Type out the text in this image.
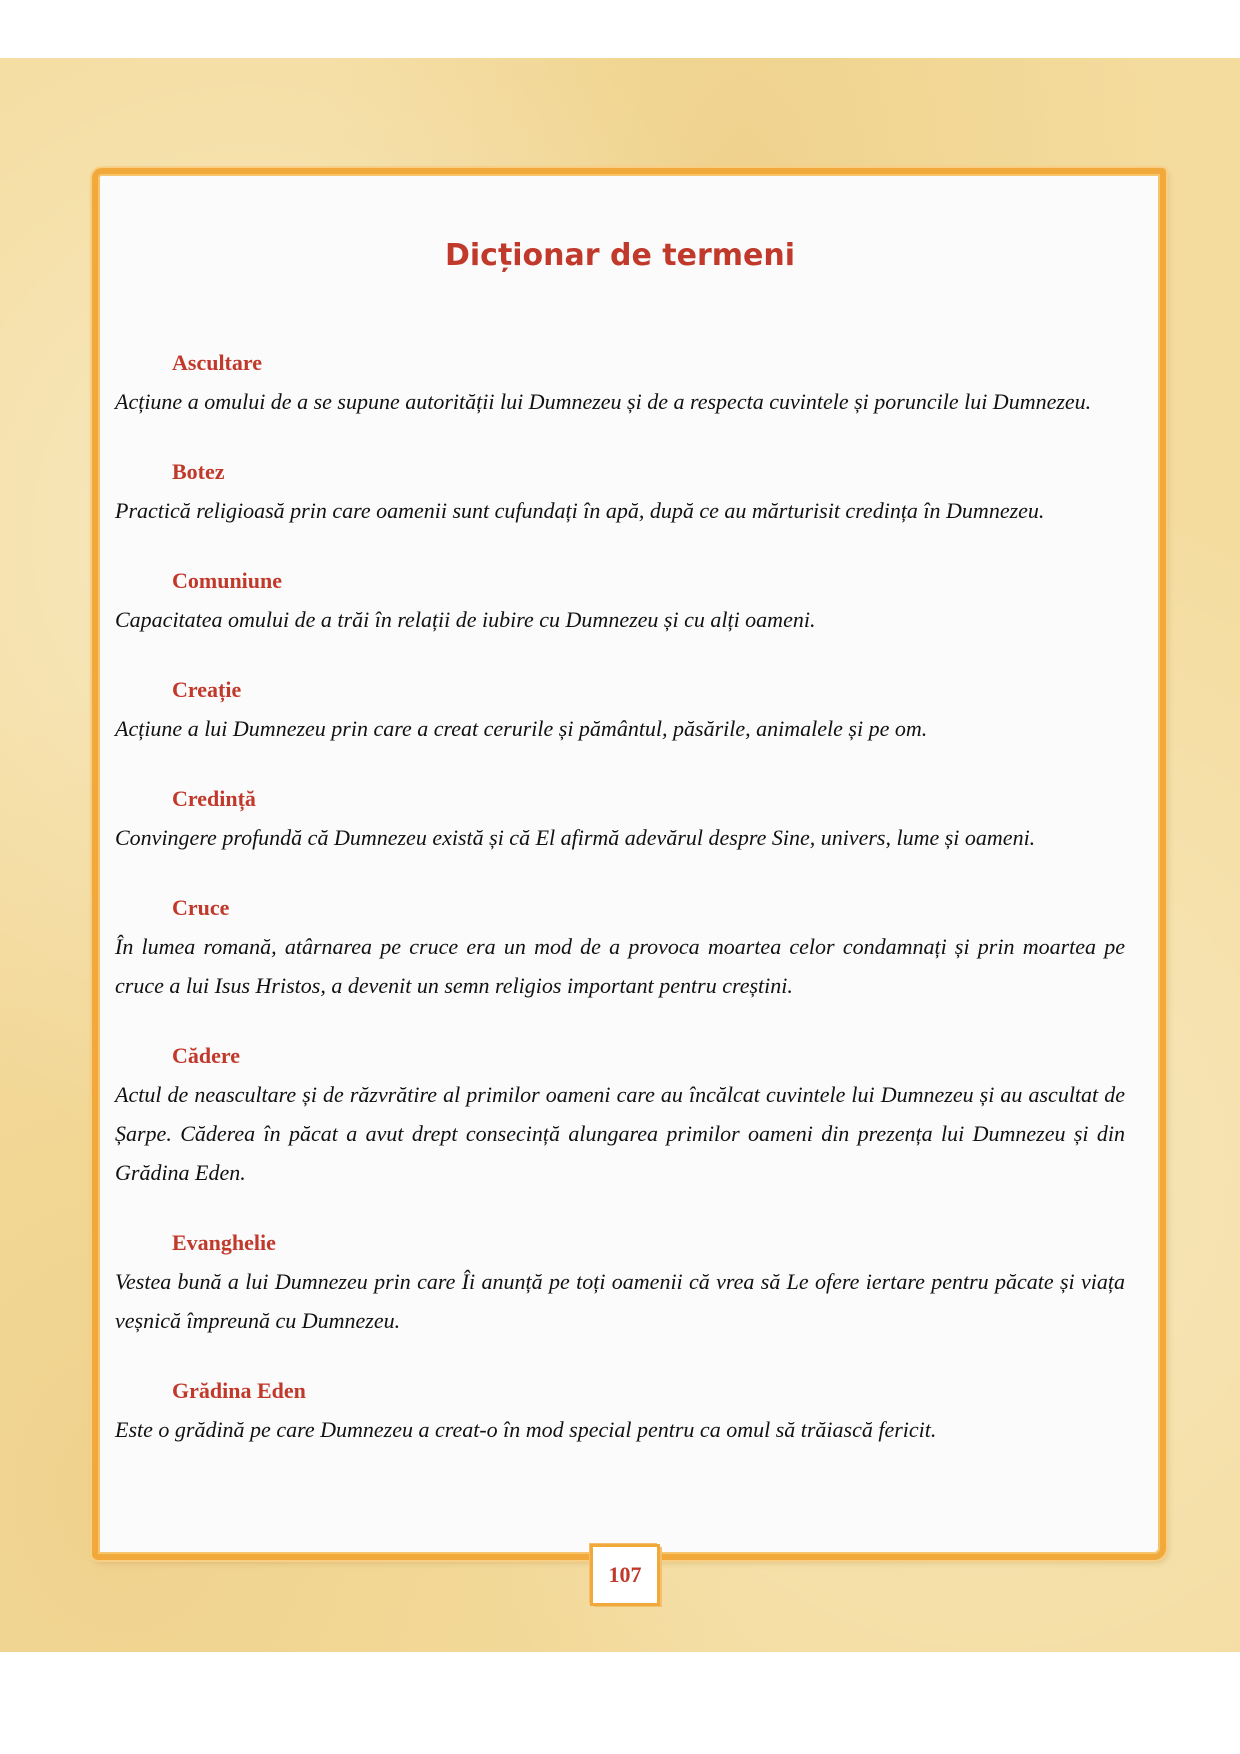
Dicționar de termeni

Ascultare

Acțiune a omului de a se supune autorității lui Dumnezeu și de a respecta cuvintele și poruncile lui Dumnezeu.

Botez

Practică religioasă prin care oamenii sunt cufundați în apă, după ce au mărturisit credința în Dumnezeu.

Comuniune

Capacitatea omului de a trăi în relații de iubire cu Dumnezeu și cu alți oameni.

Creație

Acțiune a lui Dumnezeu prin care a creat cerurile și pământul, păsările, animalele și pe om.

Credință

Convingere profundă că Dumnezeu există și că El afirmă adevărul despre Sine, univers, lume și oameni.

Cruce

În lumea romană, atârnarea pe cruce era un mod de a provoca moartea celor condamnați și prin moartea pe cruce a lui Isus Hristos, a devenit un semn religios important pentru creștini.

Cădere

Actul de neascultare și de răzvrătire al primilor oameni care au încălcat cuvintele lui Dumnezeu și au ascultat de Șarpe. Căderea în păcat a avut drept consecință alungarea primilor oameni din prezența lui Dumnezeu și din Grădina Eden.

Evanghelie

Vestea bună a lui Dumnezeu prin care Îi anunță pe toți oamenii că vrea să Le ofere iertare pentru păcate și viața veșnică împreună cu Dumnezeu.

Grădina Eden

Este o grădină pe care Dumnezeu a creat-o în mod special pentru ca omul să trăiască fericit.

107
